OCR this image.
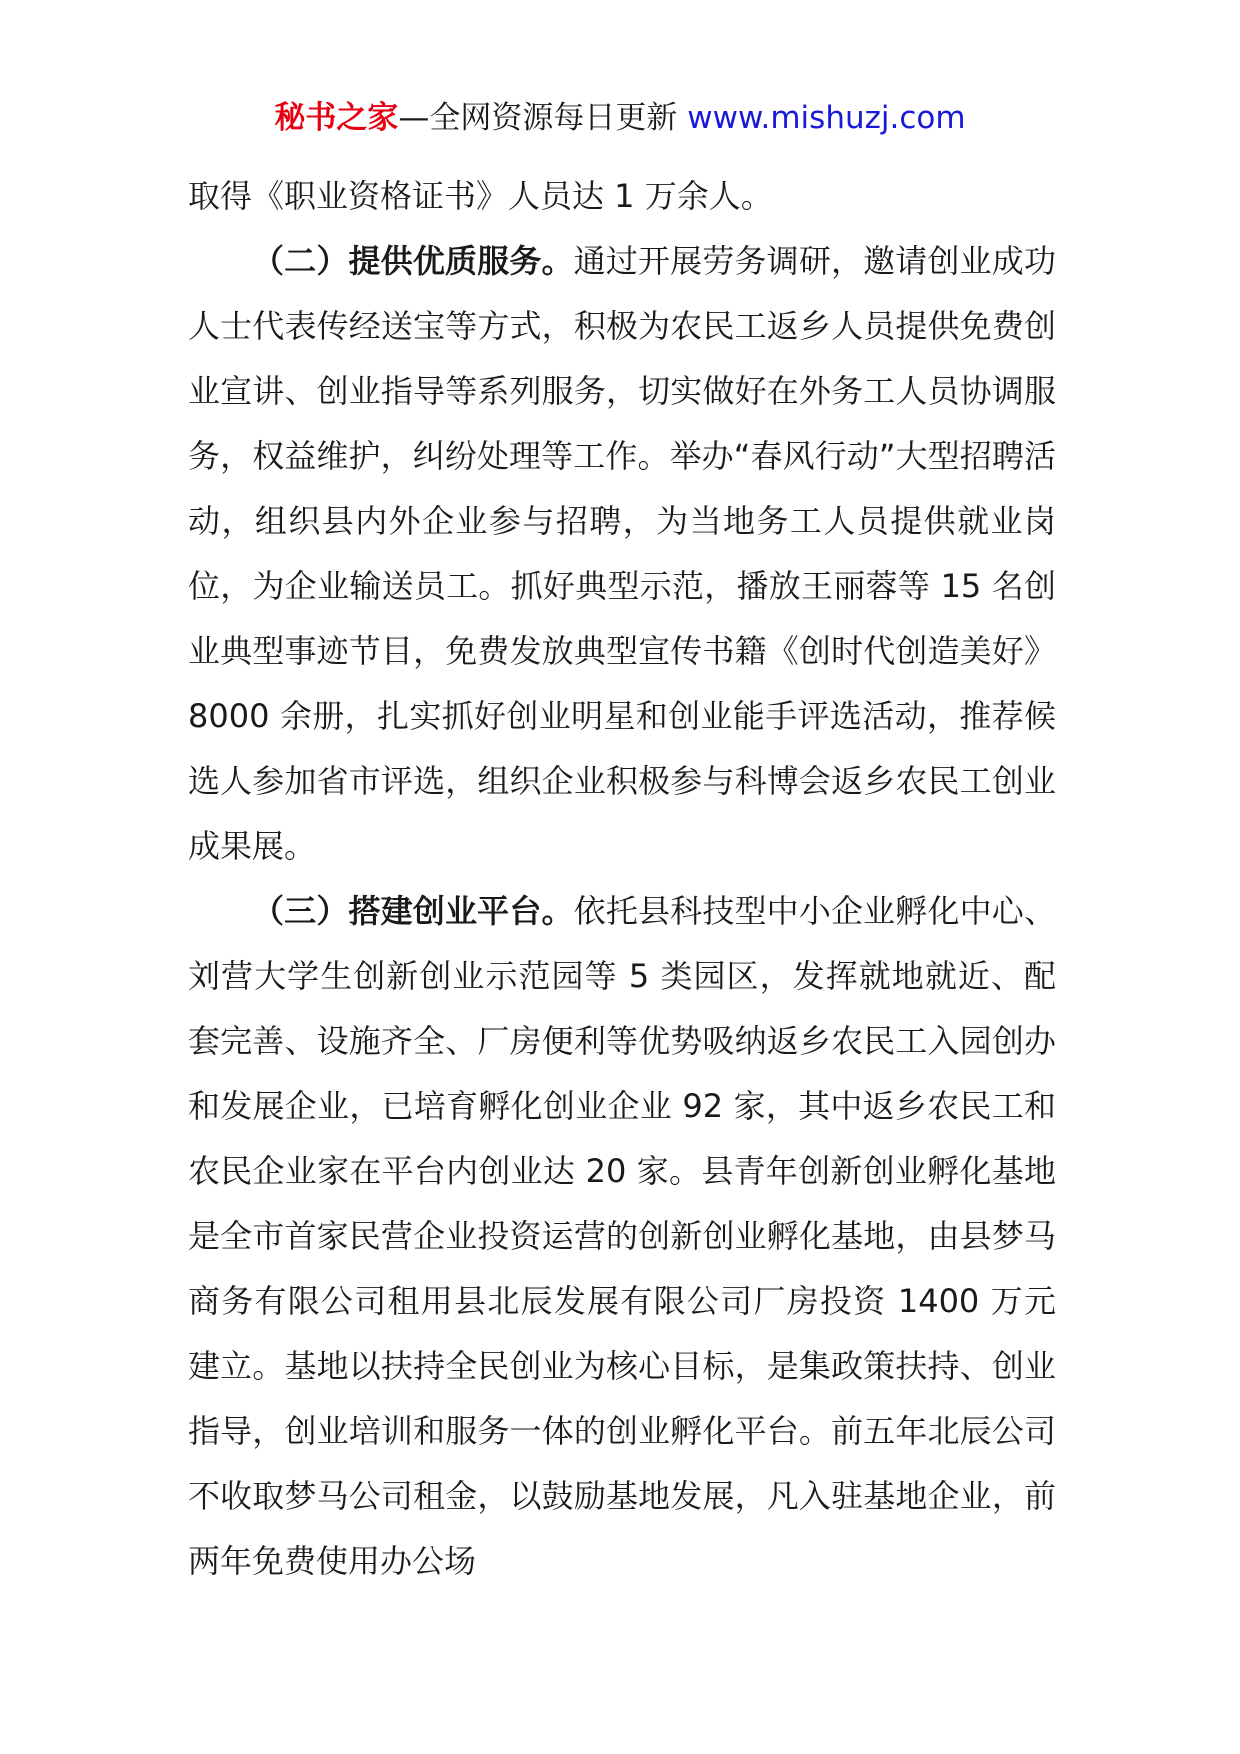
秘书之家—全网资源每日更新 www.mishuzj.com

取得《职业资格证书》人员达 1 万余人。

（二）提供优质服务。通过开展劳务调研，邀请创业成功人士代表传经送宝等方式，积极为农民工返乡人员提供免费创业宣讲、创业指导等系列服务，切实做好在外务工人员协调服务，权益维护，纠纷处理等工作。举办“春风行动”大型招聘活动，组织县内外企业参与招聘，为当地务工人员提供就业岗位，为企业输送员工。抓好典型示范，播放王丽蓉等 15 名创业典型事迹节目，免费发放典型宣传书籍《创时代创造美好》8000 余册，扎实抓好创业明星和创业能手评选活动，推荐候选人参加省市评选，组织企业积极参与科博会返乡农民工创业成果展。

（三）搭建创业平台。依托县科技型中小企业孵化中心、刘营大学生创新创业示范园等 5 类园区，发挥就地就近、配套完善、设施齐全、厂房便利等优势吸纳返乡农民工入园创办和发展企业，已培育孵化创业企业 92 家，其中返乡农民工和农民企业家在平台内创业达 20 家。县青年创新创业孵化基地是全市首家民营企业投资运营的创新创业孵化基地，由县梦马商务有限公司租用县北辰发展有限公司厂房投资 1400 万元建立。基地以扶持全民创业为核心目标，是集政策扶持、创业指导，创业培训和服务一体的创业孵化平台。前五年北辰公司不收取梦马公司租金，以鼓励基地发展，凡入驻基地企业，前两年免费使用办公场
